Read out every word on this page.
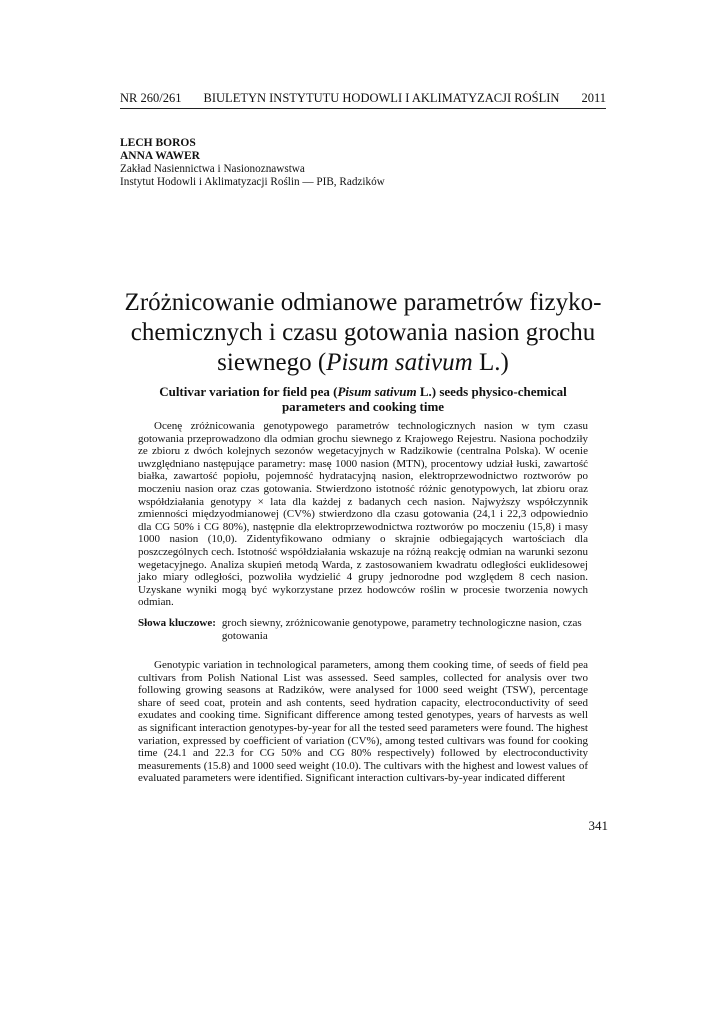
NR 260/261 BIULETYN INSTYTUTU HODOWLI I AKLIMATYZACJI ROŚLIN 2011

LECH BOROS

ANNA WAWER

Zakład Nasiennictwa i Nasionoznawstwa

Instytut Hodowli i Aklimatyzacji Roślin — PIB, Radzików

Zróżnicowanie odmianowe parametrów fizyko-chemicznych i czasu gotowania nasion grochu siewnego (Pisum sativum L.)
Cultivar variation for field pea (Pisum sativum L.) seeds physico-chemical parameters and cooking time

Ocenę zróżnicowania genotypowego parametrów technologicznych nasion w tym czasu gotowania przeprowadzono dla odmian grochu siewnego z Krajowego Rejestru. Nasiona pochodziły ze zbioru z dwóch kolejnych sezonów wegetacyjnych w Radzikowie (centralna Polska). W ocenie uwzględniano następujące parametry: masę 1000 nasion (MTN), procentowy udział łuski, zawartość białka, zawartość popiołu, pojemność hydratacyjną nasion, elektroprzewodnictwo roztworów po moczeniu nasion oraz czas gotowania. Stwierdzono istotność różnic genotypowych, lat zbioru oraz współdziałania genotypy × lata dla każdej z badanych cech nasion. Najwyższy współczynnik zmienności międzyodmianowej (CV%) stwierdzono dla czasu gotowania (24,1 i 22,3 odpowiednio dla CG 50% i CG 80%), następnie dla elektroprzewodnictwa roztworów po moczeniu (15,8) i masy 1000 nasion (10,0). Zidentyfikowano odmiany o skrajnie odbiegających wartościach dla poszczególnych cech. Istotność współdziałania wskazuje na różną reakcję odmian na warunki sezonu wegetacyjnego. Analiza skupień metodą Warda, z zastosowaniem kwadratu odległości euklidesowej jako miary odległości, pozwoliła wydzielić 4 grupy jednorodne pod względem 8 cech nasion. Uzyskane wyniki mogą być wykorzystane przez hodowców roślin w procesie tworzenia nowych odmian.

Słowa kluczowe: groch siewny, zróżnicowanie genotypowe, parametry technologiczne nasion, czas gotowania

Genotypic variation in technological parameters, among them cooking time, of seeds of field pea cultivars from Polish National List was assessed. Seed samples, collected for analysis over two following growing seasons at Radzików, were analysed for 1000 seed weight (TSW), percentage share of seed coat, protein and ash contents, seed hydration capacity, electroconductivity of seed exudates and cooking time. Significant difference among tested genotypes, years of harvests as well as significant interaction genotypes-by-year for all the tested seed parameters were found. The highest variation, expressed by coefficient of variation (CV%), among tested cultivars was found for cooking time (24.1 and 22.3 for CG 50% and CG 80% respectively) followed by electroconductivity measurements (15.8) and 1000 seed weight (10.0). The cultivars with the highest and lowest values of evaluated parameters were identified. Significant interaction cultivars-by-year indicated different

341
